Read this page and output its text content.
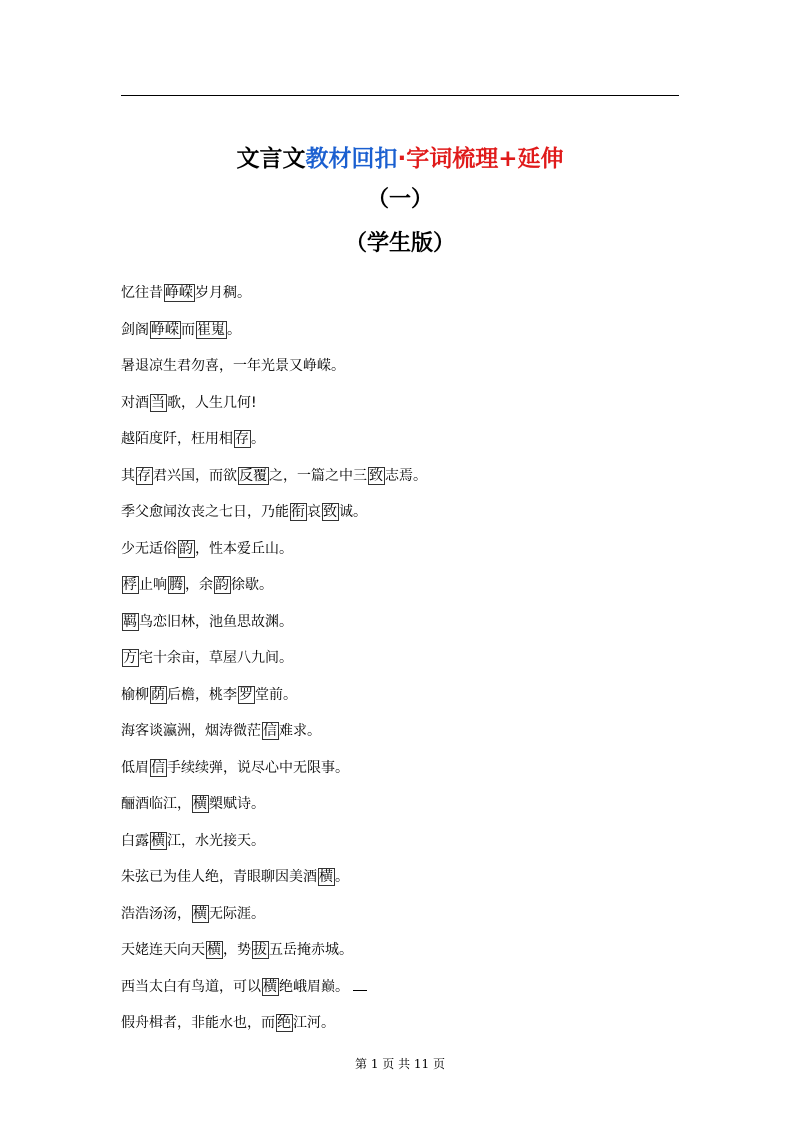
文言文教材回扣·字词梳理+延伸
（一）
（学生版）
忆往昔 峥嵘 岁月稠。
剑阁 峥嵘 而 崔嵬 。
暑退凉生君勿喜，一年光景又峥嵘。
对酒 当 歌，人生几何!
越陌度阡，枉用相 存 。
其 存 君兴国，而欲 反覆 之，一篇之中三 致 志焉。
季父愈闻汝丧之七日，乃能 衔 哀 致 诚。
少无适俗 韵 ，性本爱丘山。
桴 止响 腾 ，余 韵 徐歇。
羁 鸟恋旧林，池鱼思故渊。
方 宅十余亩，草屋八九间。
榆柳 荫 后檐，桃李 罗 堂前。
海客谈瀛洲，烟涛微茫 信 难求。
低眉 信 手续续弹，说尽心中无限事。
酾酒临江， 横 槊赋诗。
白露 横 江，水光接天。
朱弦已为佳人绝，青眼聊因美酒 横 。
浩浩汤汤， 横 无际涯。
天姥连天向天 横 ，势 拔 五岳掩赤城。
西当太白有鸟道，可以 横 绝峨眉巅。
假舟楫者，非能水也，而 绝 江河。
第 1 页 共 11 页
